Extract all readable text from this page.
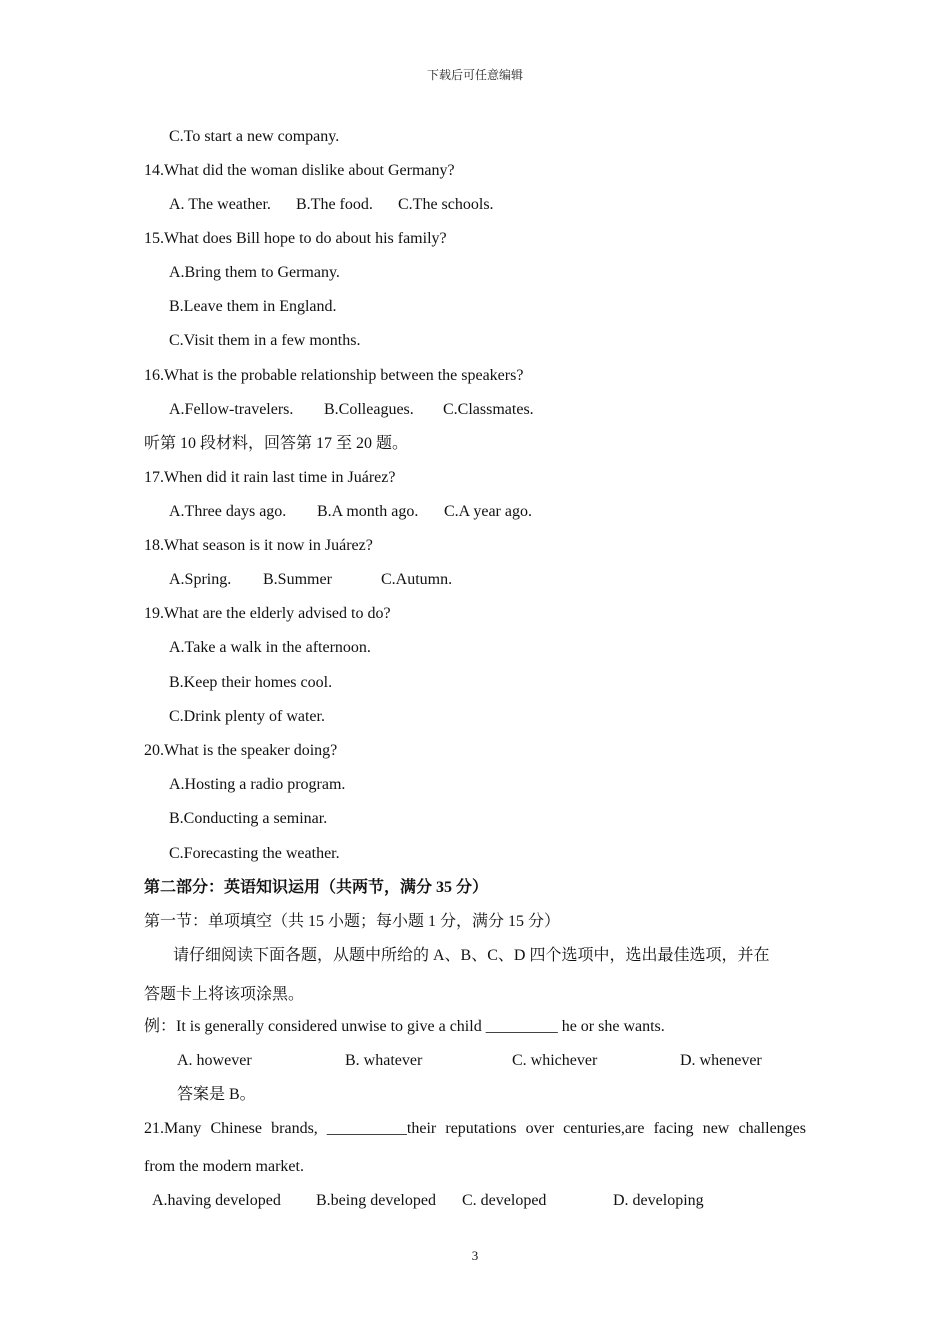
下载后可任意编辑
C.To start a new company.
14.What did the woman dislike about Germany?
A. The weather. B.The food. C.The schools.
15.What does Bill hope to do about his family?
A.Bring them to Germany.
B.Leave them in England.
C.Visit them in a few months.
16.What is the probable relationship between the speakers?
A.Fellow-travelers. B.Colleagues. C.Classmates.
听第 10 段材料，回答第 17 至 20 题。
17.When did it rain last time in Juárez?
A.Three days ago. B.A month ago. C.A year ago.
18.What season is it now in Juárez?
A.Spring. B.Summer	C.Autumn.
19.What are the elderly advised to do?
A.Take a walk in the afternoon.
B.Keep their homes cool.
C.Drink plenty of water.
20.What is the speaker doing?
A.Hosting a radio program.
B.Conducting a seminar.
C.Forecasting the weather.
第二部分：英语知识运用（共两节，满分 35 分）
第一节：单项填空（共 15 小题；每小题 1 分，满分 15 分）
请仔细阅读下面各题，从题中所给的 A、B、C、D 四个选项中，选出最佳选项，并在
答题卡上将该项涂黑。
例：It is generally considered unwise to give a child _________ he or she wants.
A. however	B. whatever	C. whichever	D. whenever
答案是 B。
21.Many Chinese brands, __________their reputations over centuries,are facing new challenges
from the modern market.
A.having developed B.being developed C. developed	D. developing
3
